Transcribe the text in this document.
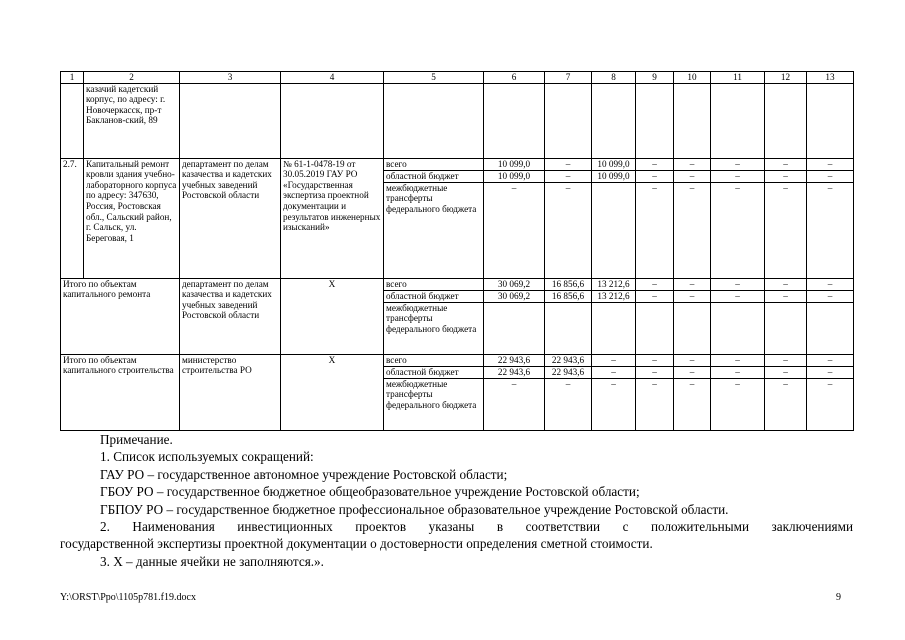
1	2	3	4	5	6	7	8	9	10	11	12	13
	казачий кадетский корпус, по адресу: г. Новочеркасск, пр-т Бакланов-ский, 89											
2.7.	Капитальный ремонт кровли здания учебно-лабораторного корпуса по адресу: 347630, Россия, Ростовская обл., Сальский район, г. Сальск, ул. Береговая, 1	департамент по делам казачества и кадетских учебных заведений Ростовской области	№ 61-1-0478-19 от 30.05.2019 ГАУ РО «Государственная экспертиза проектной документации и результатов инженерных изысканий»	всего	10 099,0	–	10 099,0	–	–	–	–	–
				областной бюджет	10 099,0	–	10 099,0	–	–	–	–	–
				межбюджетные трансферты федерального бюджета	–	–		–	–	–	–	–
Итого по объектам капитального ремонта		департамент по делам казачества и кадетских учебных заведений Ростовской области	Х	всего	30 069,2	16 856,6	13 212,6	–	–	–	–	–
				областной бюджет	30 069,2	16 856,6	13 212,6	–	–	–	–	–
				межбюджетные трансферты федерального бюджета								
Итого по объектам капитального строительства		министерство строительства РО	Х	всего	22 943,6	22 943,6	–	–	–	–	–	–
				областной бюджет	22 943,6	22 943,6	–	–	–	–	–	–
				межбюджетные трансферты федерального бюджета	–	–	–	–	–	–	–	–

Примечание.

1. Список используемых сокращений:

ГАУ РО – государственное автономное учреждение Ростовской области;

ГБОУ РО – государственное бюджетное общеобразовательное учреждение Ростовской области;

ГБПОУ РО – государственное бюджетное профессиональное образовательное учреждение Ростовской области.

2. Наименования инвестиционных проектов указаны в соответствии с положительными заключениями

государственной экспертизы проектной документации о достоверности определения сметной стоимости.

3. Х – данные ячейки не заполняются.».

Y:\ORST\Ppo\1105p781.f19.docx	9
